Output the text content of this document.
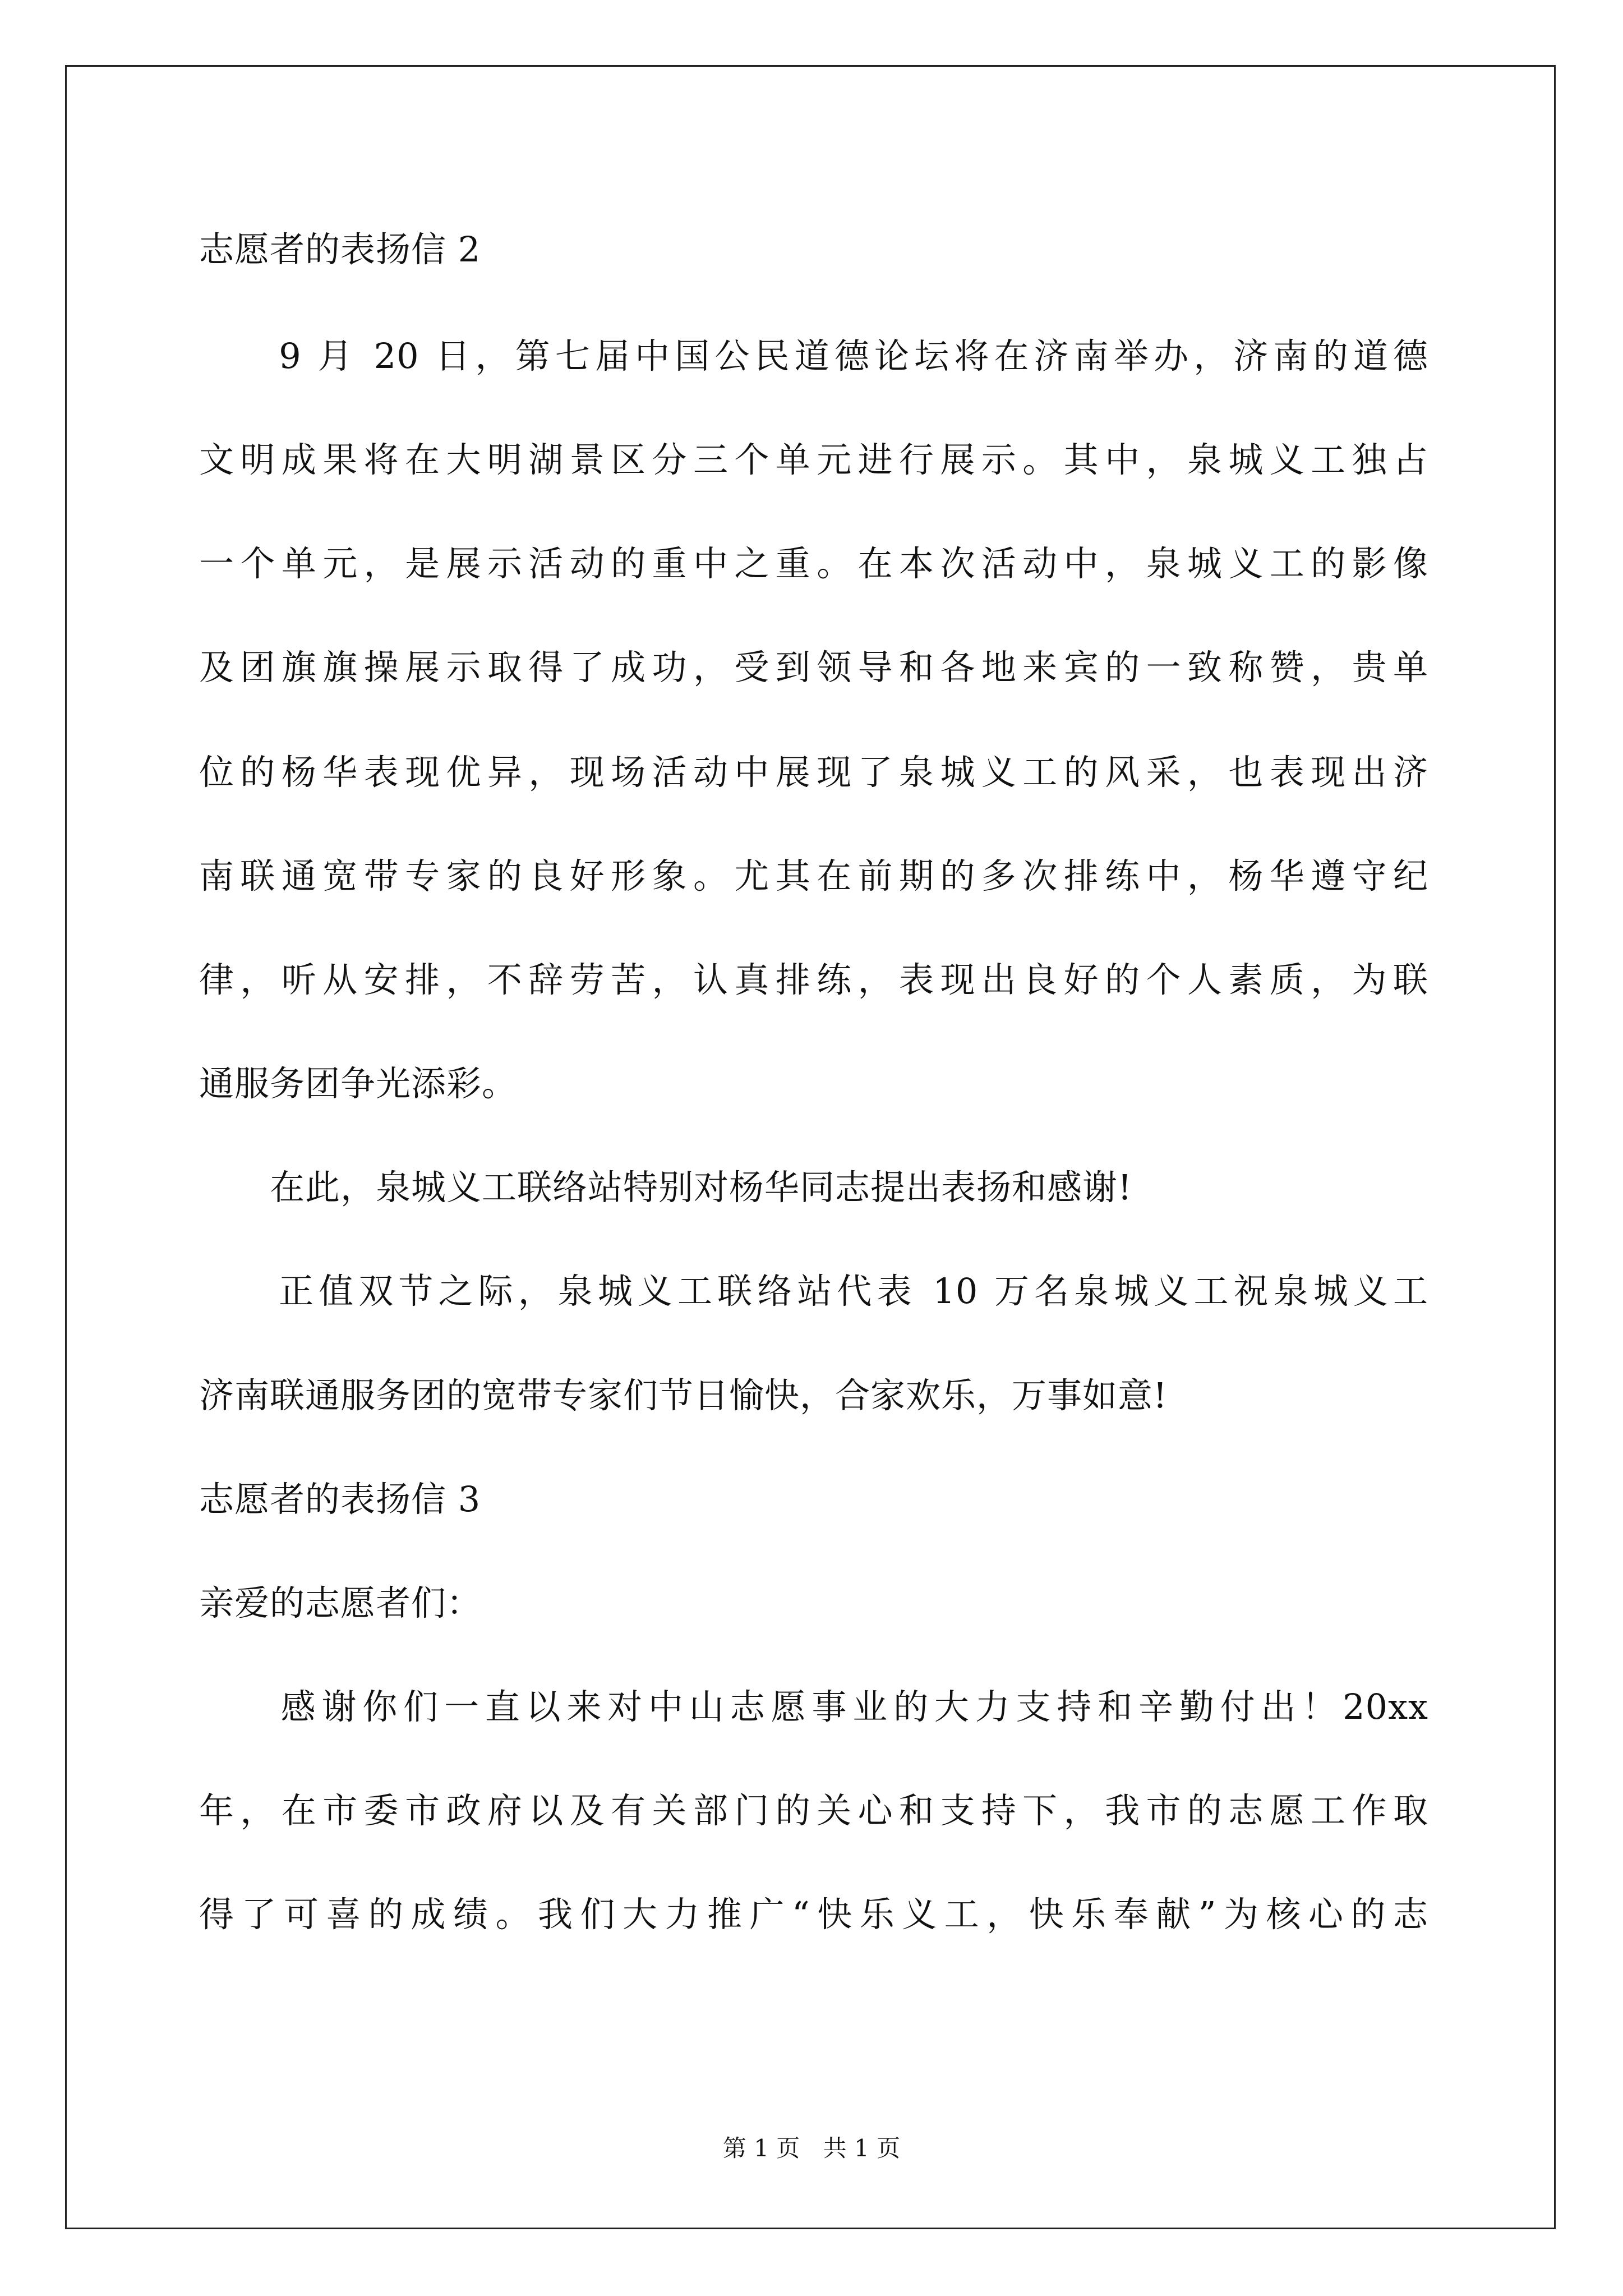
志愿者的表扬信 2
　　9 月 20 日，第七届中国公民道德论坛将在济南举办，济南的道德
文明成果将在大明湖景区分三个单元进行展示。其中，泉城义工独占
一个单元，是展示活动的重中之重。在本次活动中，泉城义工的影像
及团旗旗操展示取得了成功，受到领导和各地来宾的一致称赞，贵单
位的杨华表现优异，现场活动中展现了泉城义工的风采，也表现出济
南联通宽带专家的良好形象。尤其在前期的多次排练中，杨华遵守纪
律，听从安排，不辞劳苦，认真排练，表现出良好的个人素质，为联
通服务团争光添彩。
　　在此，泉城义工联络站特别对杨华同志提出表扬和感谢!
　　正值双节之际，泉城义工联络站代表 10 万名泉城义工祝泉城义工
济南联通服务团的宽带专家们节日愉快，合家欢乐，万事如意!
志愿者的表扬信 3
亲爱的志愿者们：
　　感谢你们一直以来对中山志愿事业的大力支持和辛勤付出！20xx
年，在市委市政府以及有关部门的关心和支持下，我市的志愿工作取
得了可喜的成绩。我们大力推广“快乐义工，快乐奉献”为核心的志
第 1 页 共 1 页
